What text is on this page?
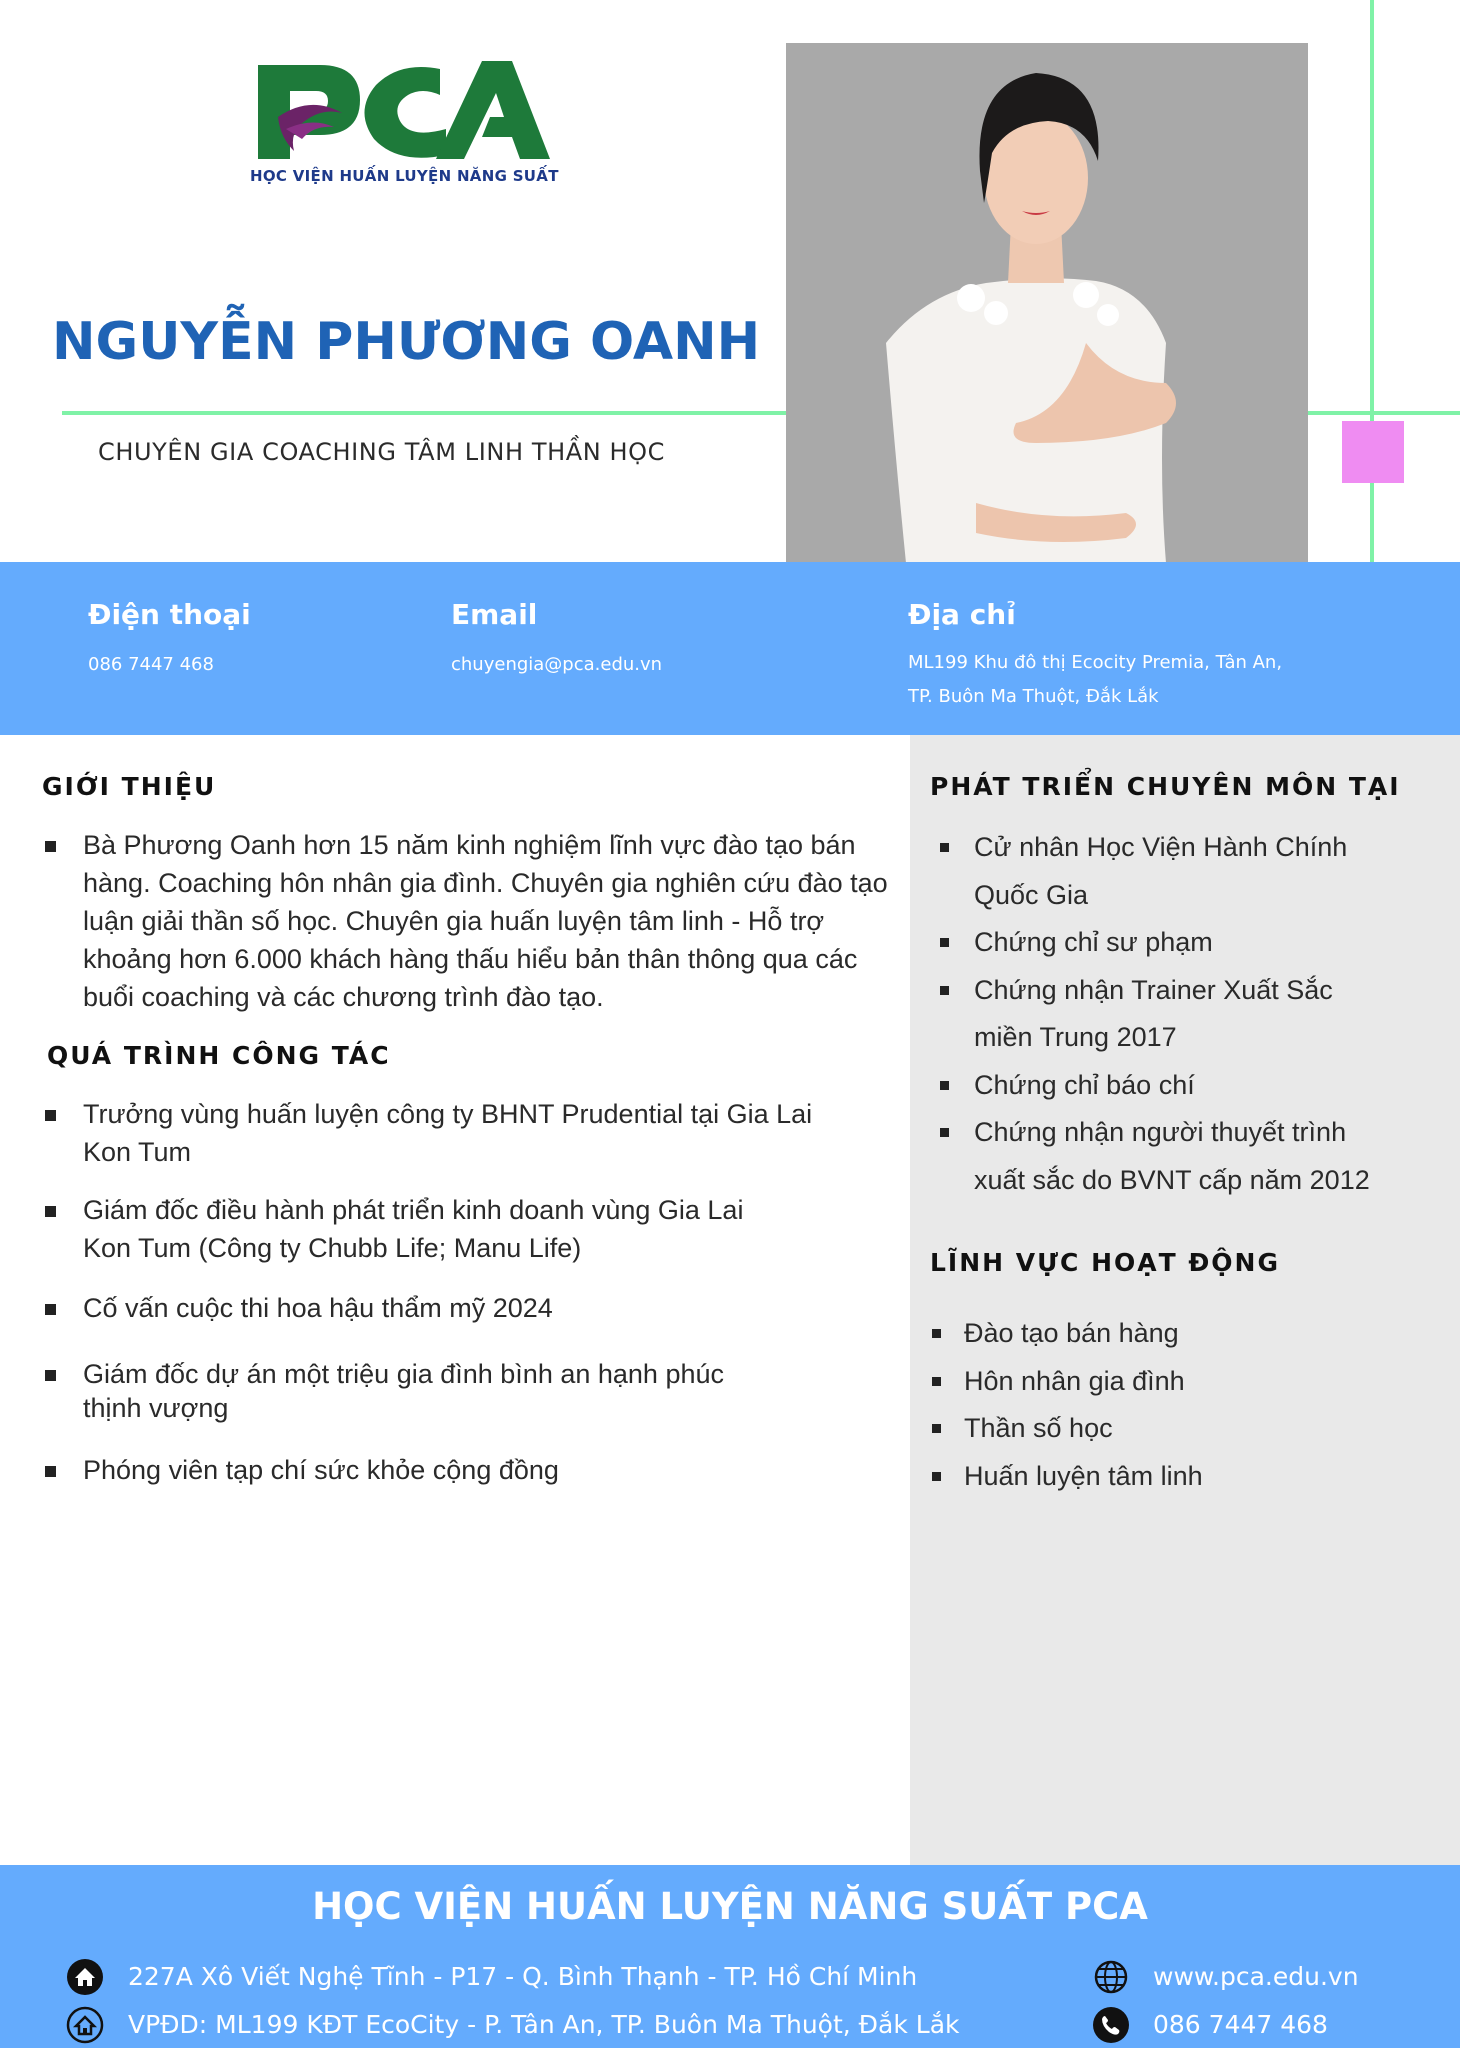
HỌC VIỆN HUẤN LUYỆN NĂNG SUẤT
NGUYỄN PHƯƠNG OANH
CHUYÊN GIA COACHING TÂM LINH THẦN HỌC
Điện thoại
086 7447 468
Email
chuyengia@pca.edu.vn
Địa chỉ
ML199 Khu đô thị Ecocity Premia, Tân An,
TP. Buôn Ma Thuột, Đắk Lắk
GIỚI THIỆU
Bà Phương Oanh hơn 15 năm kinh nghiệm lĩnh vực đào tạo bán hàng. Coaching hôn nhân gia đình. Chuyên gia nghiên cứu đào tạo luận giải thần số học. Chuyên gia huấn luyện tâm linh - Hỗ trợ khoảng hơn 6.000 khách hàng thấu hiểu bản thân thông qua các buổi coaching và các chương trình đào tạo.
QUÁ TRÌNH CÔNG TÁC
Trưởng vùng huấn luyện công ty BHNT Prudential tại Gia Lai
Kon Tum
Giám đốc điều hành phát triển kinh doanh vùng Gia Lai
Kon Tum (Công ty Chubb Life; Manu Life)
Cố vấn cuộc thi hoa hậu thẩm mỹ 2024
Giám đốc dự án một triệu gia đình bình an hạnh phúc
thịnh vượng
Phóng viên tạp chí sức khỏe cộng đồng
PHÁT TRIỂN CHUYÊN MÔN TẠI
Cử nhân Học Viện Hành Chính
Quốc Gia
Chứng chỉ sư phạm
Chứng nhận Trainer Xuất Sắc
miền Trung 2017
Chứng chỉ báo chí
Chứng nhận người thuyết trình
xuất sắc do BVNT cấp năm 2012
LĨNH VỰC HOẠT ĐỘNG
Đào tạo bán hàng
Hôn nhân gia đình
Thần số học
Huấn luyện tâm linh
HỌC VIỆN HUẤN LUYỆN NĂNG SUẤT PCA
227A Xô Viết Nghệ Tĩnh - P17 - Q. Bình Thạnh - TP. Hồ Chí Minh
VPĐD: ML199 KĐT EcoCity - P. Tân An, TP. Buôn Ma Thuột, Đắk Lắk
www.pca.edu.vn
086 7447 468
